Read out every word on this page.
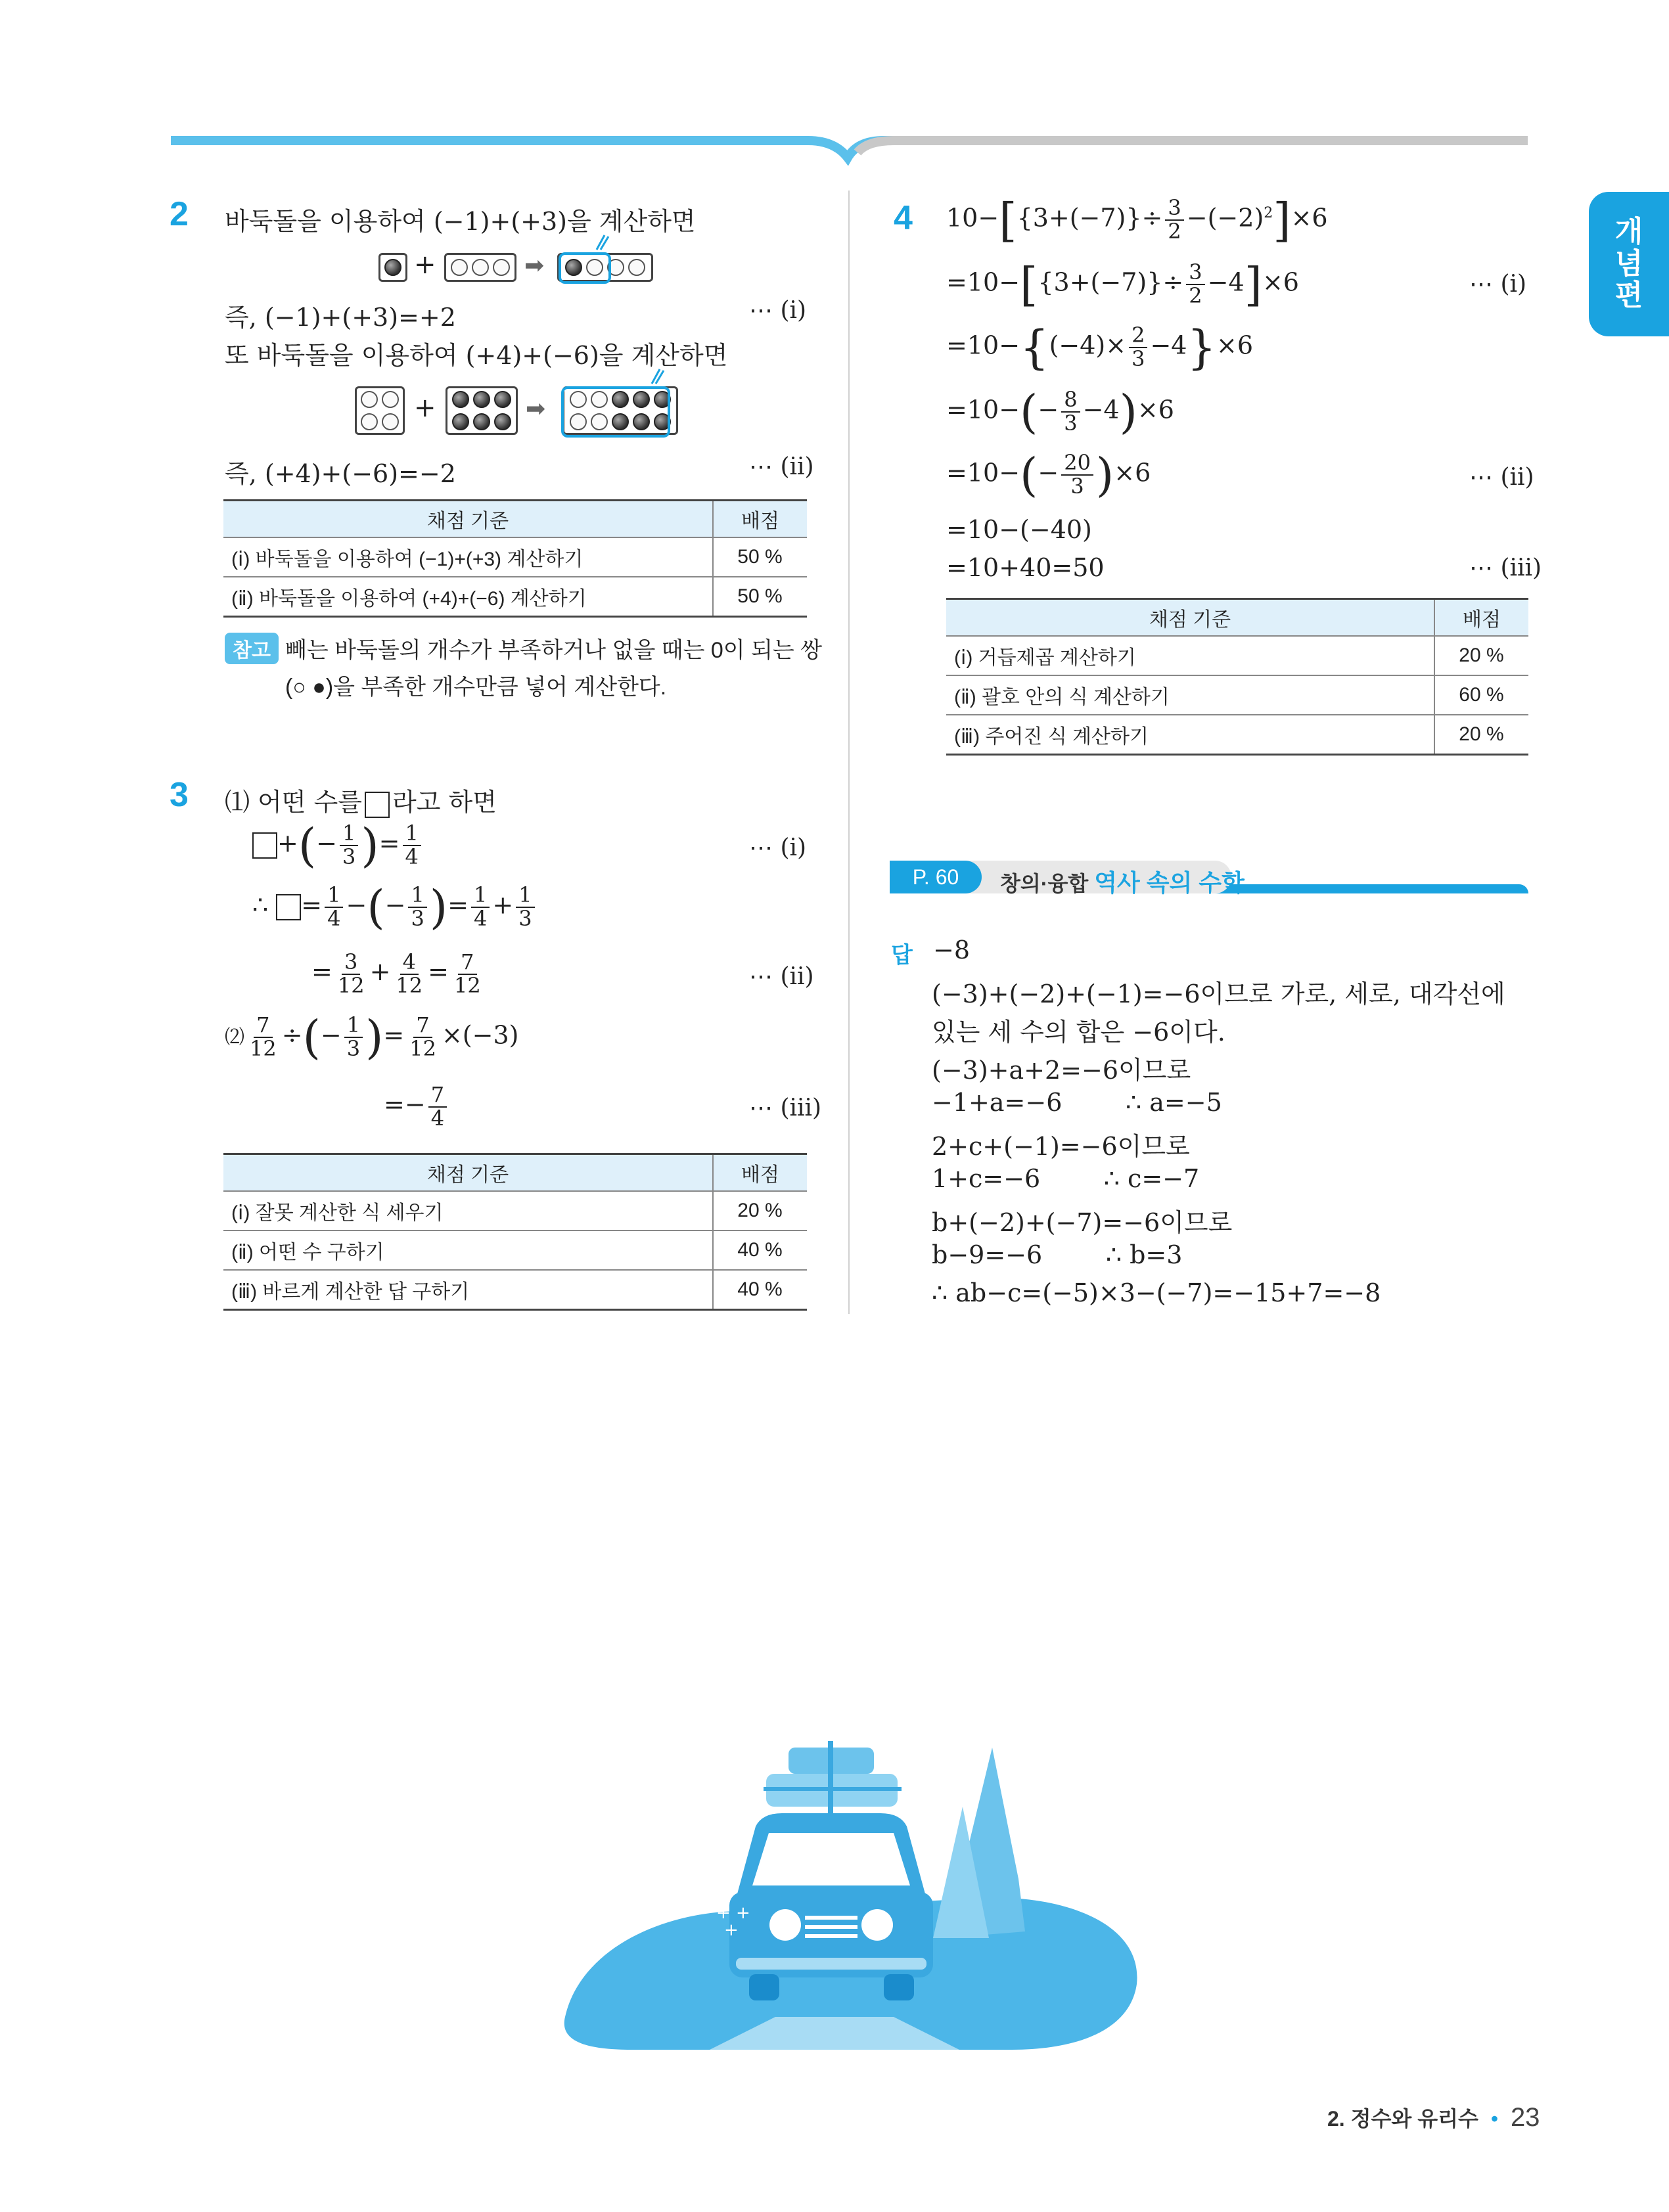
개
념
편
2 바둑돌을 이용하여 (−1)+(+3)을 계산하면
+	➡
즉, (−1)+(+3)=+2	⋯ (ⅰ)
또 바둑돌을 이용하여 (+4)+(−6)을 계산하면
+	➡
즉, (+4)+(−6)=−2	⋯ (ⅱ)
채점 기준	배점
(ⅰ) 바둑돌을 이용하여 (−1)+(+3) 계산하기	50 %
(ⅱ) 바둑돌을 이용하여 (+4)+(−6) 계산하기	50 %
참고 빼는 바둑돌의 개수가 부족하거나 없을 때는 0이 되는 쌍
(○ ●)을 부족한 개수만큼 넣어 계산한다.
3 ⑴ 어떤 수를 라고 하면
+(− $\frac{1}{3}$ )= $\frac{1}{4}$	⋯ (ⅰ)
∴ = $\frac{1}{4}$ −(− $\frac{1}{3}$ )= $\frac{1}{4} + \frac{1}{3}$
= $\frac{3}{12} + \frac{4}{12} = \frac{7}{12}$	⋯ (ⅱ)
⑵ $\frac{7}{12}$ ÷(− $\frac{1}{3}$ )= $\frac{7}{12} \times(-3)$
=− $\frac{7}{4}$	⋯ (ⅲ)
채점 기준	배점
(ⅰ) 잘못 계산한 식 세우기	20 %
(ⅱ) 어떤 수 구하기	40 %
(ⅲ) 바르게 계산한 답 구하기	40 %
4 $10-[\{3+(-7)\}\div \frac{3}{2} -(-2)^2]\times 6$
$=10-[\{3+(-7)\}\div \frac{3}{2} -4]\times 6$	⋯ (ⅰ)
$=10-\{(-4)\times \frac{2}{3} -4\}\times 6$
$=10-(- \frac{8}{3} -4)\times 6$
$=10-(- \frac{20}{3} )\times 6$	⋯ (ⅱ)
=10−(−40)
=10+40=50	⋯ (ⅲ)
채점 기준	배점
(ⅰ) 거듭제곱 계산하기	20 %
(ⅱ) 괄호 안의 식 계산하기	60 %
(ⅲ) 주어진 식 계산하기	20 %
P. 60	창의·융합 역사 속의 수학
답 −8
(−3)+(−2)+(−1)=−6이므로 가로, 세로, 대각선에
있는 세 수의 합은 −6이다.
(−3)+a+2=−6이므로
−1+a=−6        ∴ a=−5
2+c+(−1)=−6이므로
1+c=−6        ∴ c=−7
b+(−2)+(−7)=−6이므로
b−9=−6        ∴ b=3
∴ ab−c=(−5)×3−(−7)=−15+7=−8
+ +
+
2. 정수와 유리수 • 23
